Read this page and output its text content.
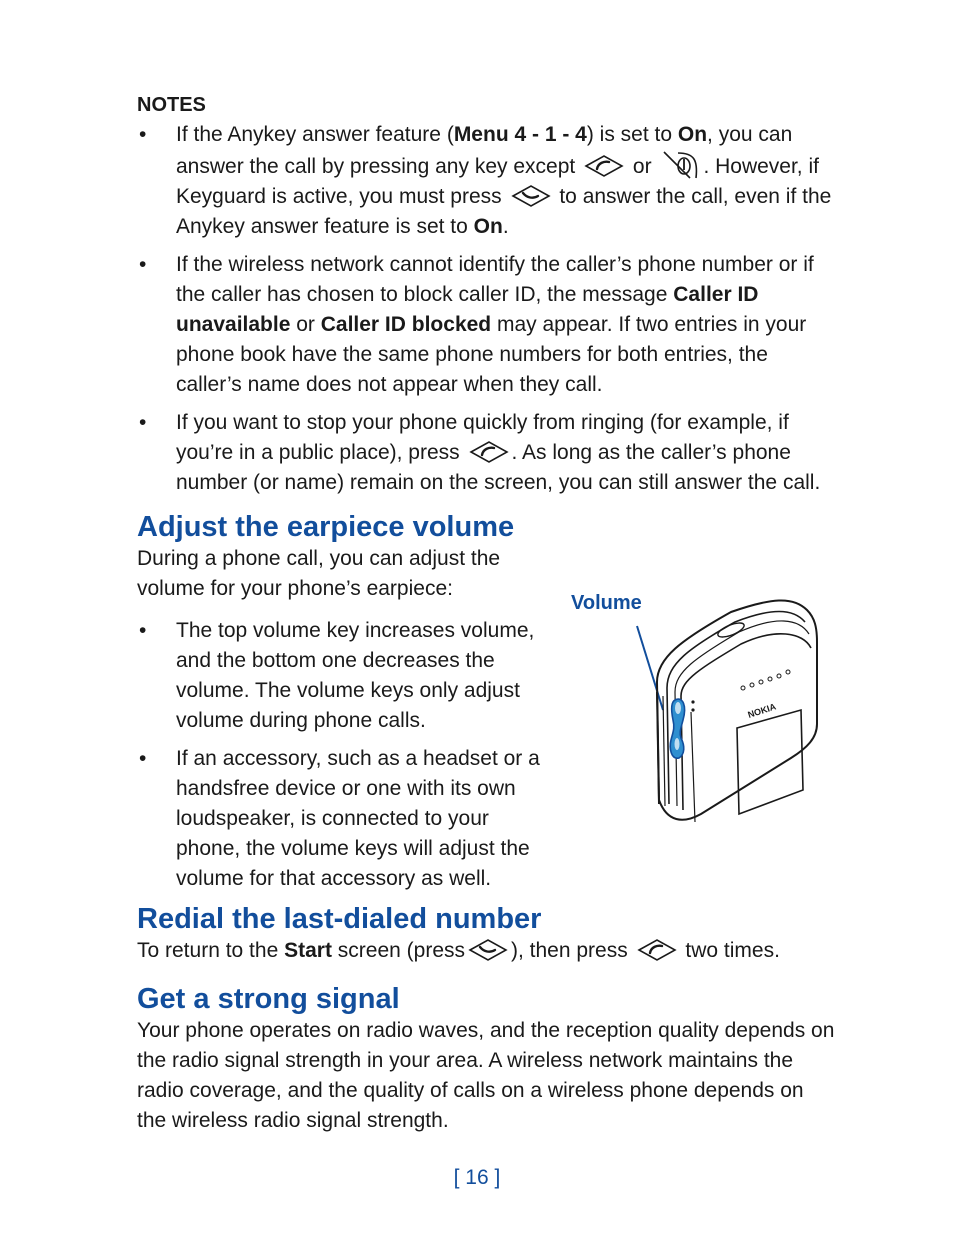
NOTES
• If the Anykey answer feature (Menu 4 - 1 - 4) is set to On, you can answer the call by pressing any key except	or . However, if Keyguard is active, you must press	to answer the call, even if the Anykey answer feature is set to On.
• If the wireless network cannot identify the caller’s phone number or if the caller has chosen to block caller ID, the message Caller ID unavailable or Caller ID blocked may appear. If two entries in your phone book have the same phone numbers for both entries, the caller’s name does not appear when they call.
• If you want to stop your phone quickly from ringing (for example, if you’re in a public place), press . As long as the caller’s phone number (or name) remain on the screen, you can still answer the call.
Adjust the earpiece volume

During a phone call, you can adjust the volume for your phone’s earpiece:

• The top volume key increases volume, and the bottom one decreases the volume. The volume keys only adjust volume during phone calls.
• If an accessory, such as a headset or a handsfree device or one with its own loudspeaker, is connected to your phone, the volume keys will adjust the volume for that accessory as well.
Volume
NOKIA
Redial the last-dialed number

To return to the Start screen (press ), then press	two times.

Get a strong signal

Your phone operates on radio waves, and the reception quality depends on the radio signal strength in your area. A wireless network maintains the radio coverage, and the quality of calls on a wireless phone depends on the wireless radio signal strength.

[ 16 ]
